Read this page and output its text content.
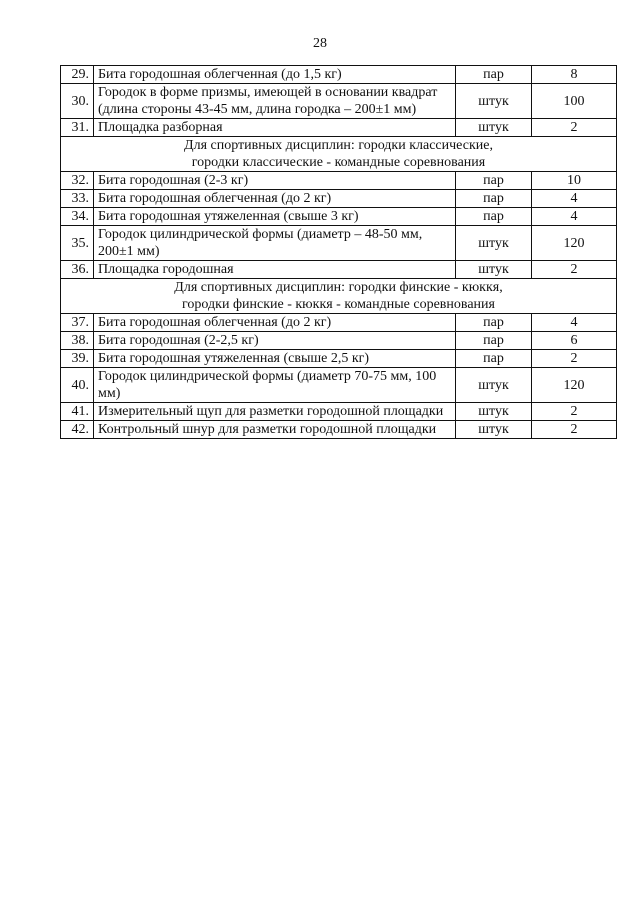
28
29.	Бита городошная облегченная (до 1,5 кг)	пар	8
30.	Городок в форме призмы, имеющей в основании квадрат (длина стороны 43-45 мм, длина городка – 200±1 мм)	штук	100
31.	Площадка разборная	штук	2

Для спортивных дисциплин: городки классические,
городки классические - командные соревнования			

32.	Бита городошная (2-3 кг)	пар	10
33.	Бита городошная облегченная (до 2 кг)	пар	4
34.	Бита городошная утяжеленная (свыше 3 кг)	пар	4
35.	Городок цилиндрической формы (диаметр – 48-50 мм, 200±1 мм)	штук	120
36.	Площадка городошная	штук	2

Для спортивных дисциплин: городки финские - кюккя,
городки финские - кюккя - командные соревнования			

37.	Бита городошная облегченная (до 2 кг)	пар	4
38.	Бита городошная (2-2,5 кг)	пар	6
39.	Бита городошная утяжеленная (свыше 2,5 кг)	пар	2
40.	Городок цилиндрической формы (диаметр 70-75 мм, 100 мм)	штук	120
41.	Измерительный щуп для разметки городошной площадки	штук	2
42.	Контрольный шнур для разметки городошной площадки	штук	2
